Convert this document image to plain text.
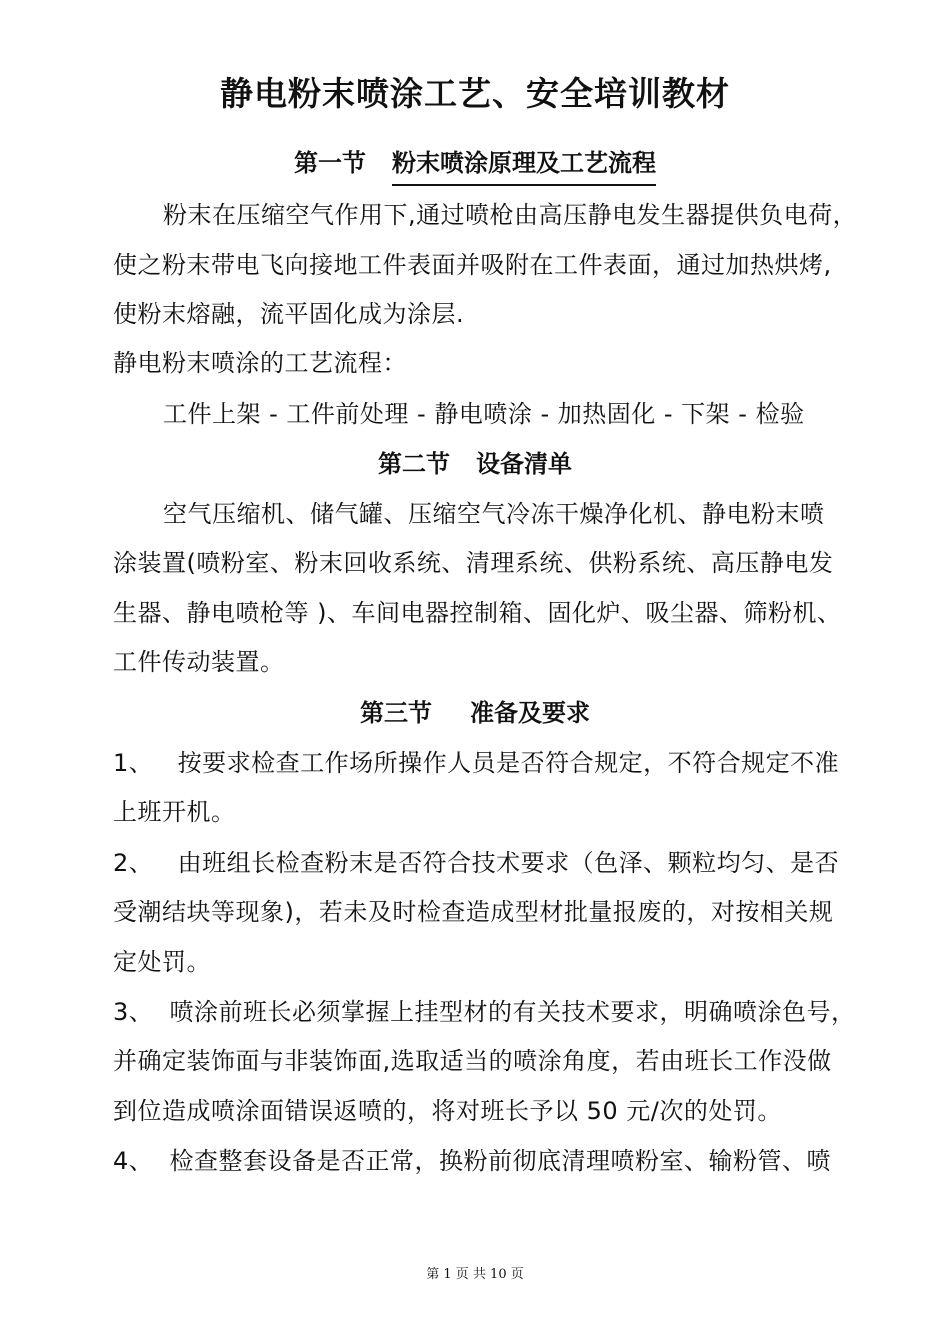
静电粉末喷涂工艺、安全培训教材
第一节 粉末喷涂原理及工艺流程
粉末在压缩空气作用下,通过喷枪由高压静电发生器提供负电荷，
使之粉末带电飞向接地工件表面并吸附在工件表面，通过加热烘烤,
使粉末熔融，流平固化成为涂层.
静电粉末喷涂的工艺流程：
工件上架 - 工件前处理 - 静电喷涂 - 加热固化 - 下架 - 检验
第二节 设备清单
空气压缩机、储气罐、压缩空气冷冻干燥净化机、静电粉末喷
涂装置(喷粉室、粉末回收系统、清理系统、供粉系统、高压静电发
生器、静电喷枪等 )、车间电器控制箱、固化炉、吸尘器、筛粉机、
工件传动装置。
第三节 准备及要求
1、   按要求检查工作场所操作人员是否符合规定，不符合规定不准
上班开机。
2、   由班组长检查粉末是否符合技术要求（色泽、颗粒均匀、是否
受潮结块等现象)，若未及时检查造成型材批量报废的，对按相关规
定处罚。
3、  喷涂前班长必须掌握上挂型材的有关技术要求，明确喷涂色号，
并确定装饰面与非装饰面,选取适当的喷涂角度，若由班长工作没做
到位造成喷涂面错误返喷的，将对班长予以 50 元/次的处罚。
4、  检查整套设备是否正常，换粉前彻底清理喷粉室、输粉管、喷
第 1 页 共 10 页
